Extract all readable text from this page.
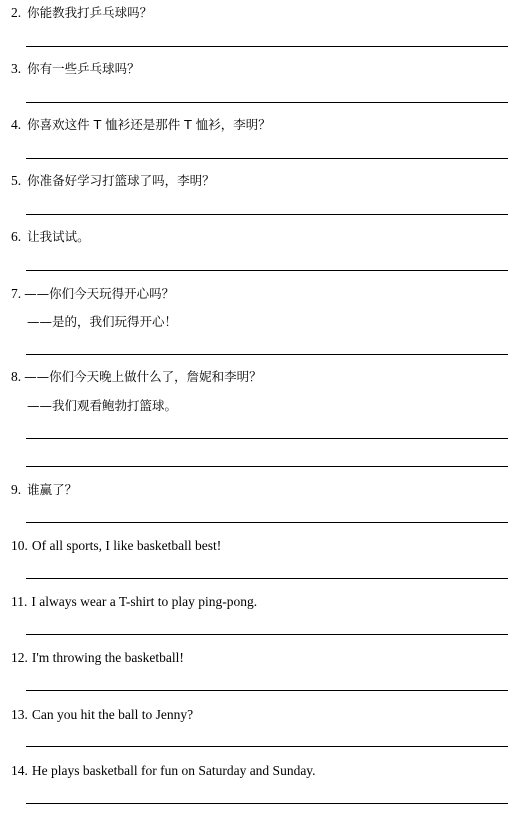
2. 你能教我打乒乓球吗？
3. 你有一些乒乓球吗？
4. 你喜欢这件 T 恤衫还是那件 T 恤衫，李明？
5. 你准备好学习打篮球了吗，李明？
6. 让我试试。
7. ——你们今天玩得开心吗？
——是的，我们玩得开心！
8. ——你们今天晚上做什么了，詹妮和李明？
——我们观看鲍勃打篮球。
9. 谁赢了？
10. Of all sports, I like basketball best!
11. I always wear a T-shirt to play ping-pong.
12. I'm throwing the basketball!
13. Can you hit the ball to Jenny?
14. He plays basketball for fun on Saturday and Sunday.
